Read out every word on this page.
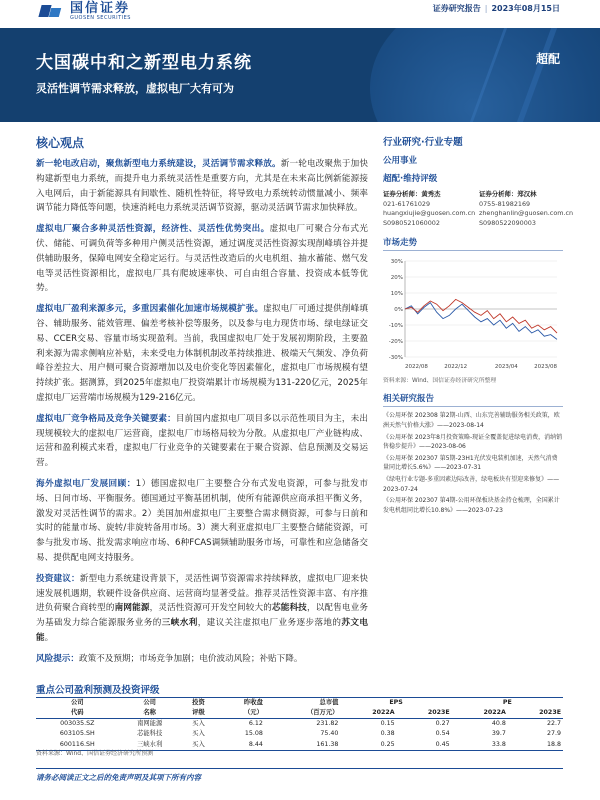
国信证券
GUOSEN SECURITIES
证券研究报告 | 2023年08月15日
大国碳中和之新型电力系统
灵活性调节需求释放，虚拟电厂大有可为
超配
核心观点

新一轮电改启动，聚焦新型电力系统建设，灵活调节需求释放。新一轮电改聚焦于加快构建新型电力系统，而提升电力系统灵活性是重要方向，尤其是在未来高比例新能源接入电网后，由于新能源具有间歇性、随机性特征，将导致电力系统转动惯量减小、频率调节能力降低等问题，快速消耗电力系统灵活调节资源，驱动灵活调节需求加快释放。

虚拟电厂聚合多种灵活性资源，经济性、灵活性优势突出。虚拟电厂可聚合分布式光伏、储能、可调负荷等多种用户侧灵活性资源，通过调度灵活性资源实现削峰填谷并提供辅助服务，保障电网安全稳定运行。与灵活性改造后的火电机组、抽水蓄能、燃气发电等灵活性资源相比，虚拟电厂具有爬坡速率快、可自由组合容量、投资成本低等优势。

虚拟电厂盈利来源多元，多重因素催化加速市场规模扩张。虚拟电厂可通过提供削峰填谷、辅助服务、能效管理、偏差考核补偿等服务，以及参与电力现货市场、绿电绿证交易、CCER交易、容量市场实现盈利。当前，我国虚拟电厂处于发展初期阶段，主要盈利来源为需求侧响应补贴，未来受电力体制机制改革持续推进、极端天气频发、净负荷峰谷差拉大、用户侧可聚合资源增加以及电价变化等因素催化，虚拟电厂市场规模有望持续扩张。据测算，到2025年虚拟电厂投资端累计市场规模为131-220亿元，2025年虚拟电厂运营端市场规模为129-216亿元。

虚拟电厂竞争格局及竞争关键要素：目前国内虚拟电厂项目多以示范性项目为主，未出现规模较大的虚拟电厂运营商，虚拟电厂市场格局较为分散。从虚拟电厂产业链构成、运营和盈利模式来看，虚拟电厂行业竞争的关键要素在于聚合资源、信息预测及交易运营。

海外虚拟电厂发展回顾：1）德国虚拟电厂主要整合分布式发电资源，可参与批发市场、日间市场、平衡服务。德国通过平衡基团机制，使所有能源供应商承担平衡义务，激发对灵活性调节的需求。2）美国加州虚拟电厂主要整合需求侧资源，可参与日前和实时的能量市场、旋转/非旋转备用市场。3）澳大利亚虚拟电厂主要整合储能资源，可参与批发市场、批发需求响应市场、6种FCAS调频辅助服务市场，可靠性和应急储备交易、提供配电网支持服务。

投资建议：新型电力系统建设背景下，灵活性调节资源需求持续释放，虚拟电厂迎来快速发展机遇期，软硬件设备供应商、运营商均显著受益。推荐灵活性资源丰富、有序推进负荷聚合商转型的南网能源，灵活性资源可开发空间较大的芯能科技，以配售电业务为基础发力综合能源服务业务的三峡水利，建议关注虚拟电厂业务逐步落地的苏文电能。

风险提示：政策不及预期；市场竞争加剧；电价波动风险；补贴下降。

行业研究·行业专题
公用事业
超配·维持评级
证券分析师：黄秀杰
021-61761029
huangxiujie@guosen.com.cn
S0980521060002
证券分析师：郑汉林
0755-81982169
zhenghanlin@guosen.com.cn
S0980522090003
市场走势
30%
20%
10%
0%
-10%
-20%
-30%
2022/08	2022/12	2023/04	2023/08
资料来源：Wind、国信证券经济研究所整理
相关研究报告
《公用环保 202308 第2期-山西、山东完善辅助服务相关政策，欧洲天然气价格大涨》——2023-08-14
《公用环保 2023年8月投资策略-现证全覆盖促进绿电消费，消纳销售稳步提升》——2023-08-06
《公用环保 202307 第5期-23H1光伏发电装机加速，天然气消费量同比增长5.6%》——2023-07-31
《绿电行业专题-多重因素边际改善，绿电板块有望迎来修复》——2023-07-24
《公用环保 202307 第4期-公用环保板块基金持仓梳理，全国累计发电机组同比增长10.8%》——2023-07-23
重点公司盈利预测及投资评级
公司	公司	投资	昨收盘	总市值	EPS		PE	
代码	名称	评级	（元）	（百万元）	2022A	2023E	2022A	2023E
003035.SZ	南网能源	买入	6.12	231.82	0.15	0.27	40.8	22.7
603105.SH	芯能科技	买入	15.08	75.40	0.38	0.54	39.7	27.9
600116.SH	三峡水利	买入	8.44	161.38	0.25	0.45	33.8	18.8
资料来源：Wind、国信证券经济研究所预测
请务必阅读正文之后的免责声明及其项下所有内容
